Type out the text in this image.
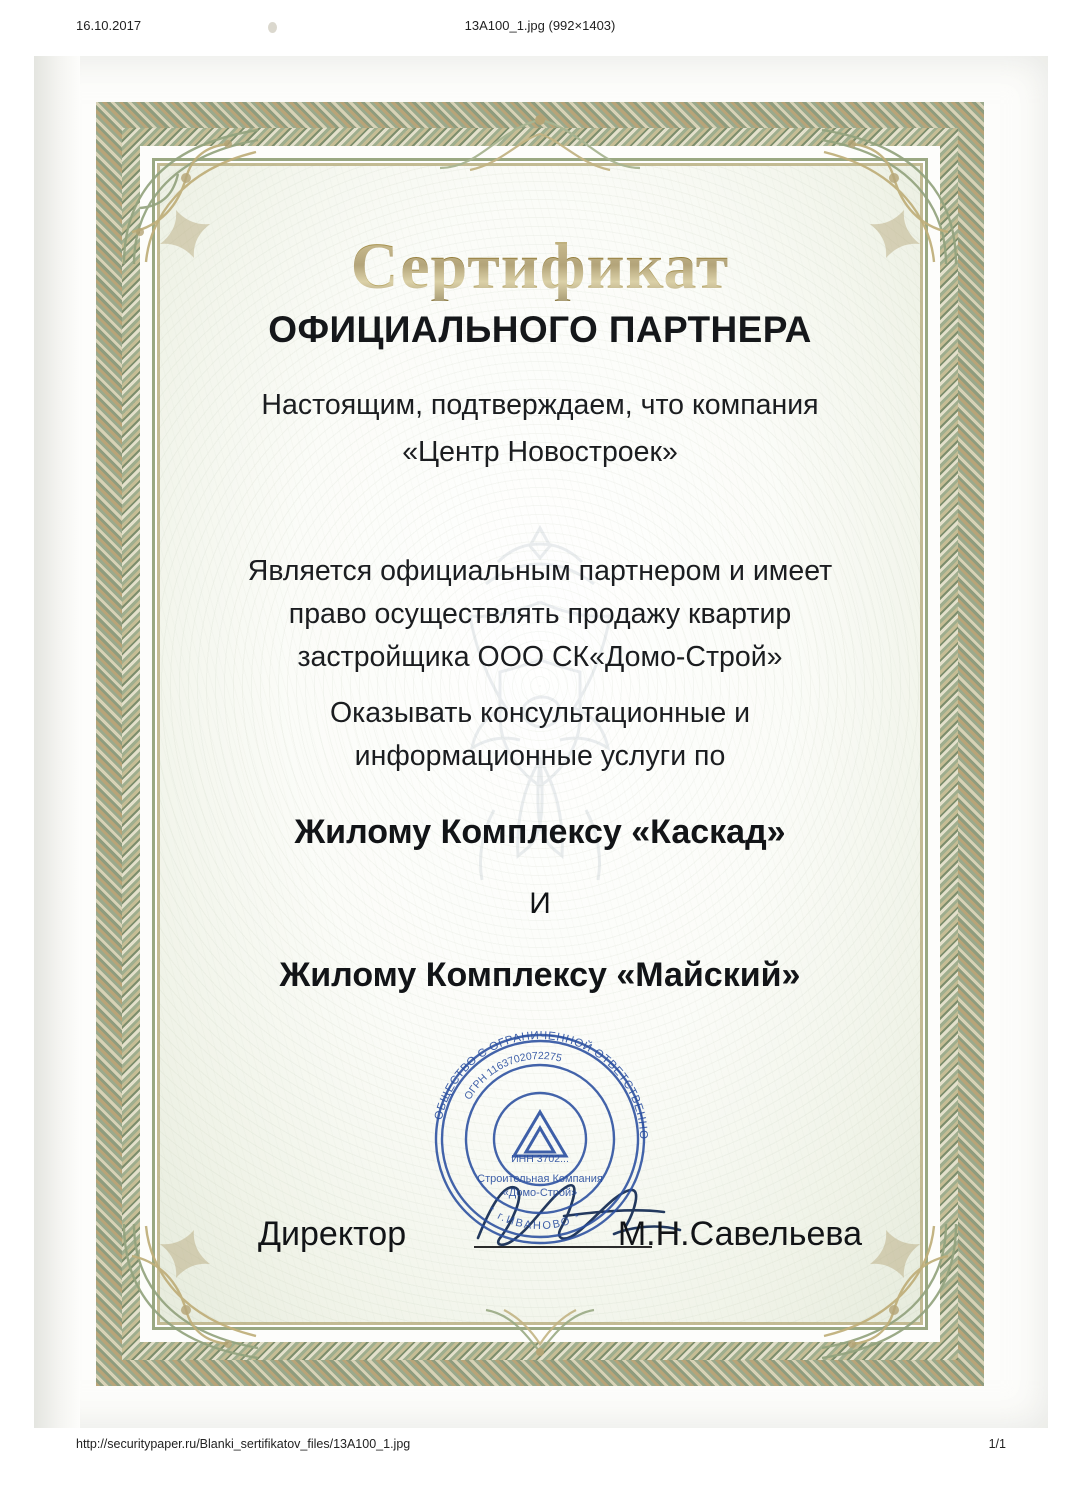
16.10.2017	13A100_1.jpg (992×1403)
Сертификат
ОФИЦИАЛЬНОГО ПАРТНЕРА

Настоящим, подтверждаем, что компания

«Центр Новостроек»

Является официальным партнером и имеет

право осуществлять продажу квартир

застройщика ООО СК«Домо-Строй»

Оказывать консультационные и

информационные услуги по

Жилому Комплексу «Каскад»

И

Жилому Комплексу «Майский»

Директор
ОБЩЕСТВО С ОГРАНИЧЕННОЙ ОТВЕТСТВЕННО
* г.ИВАНОВО *
ОГРН 1163702072275
ИНН 3702...
Строительная Компания
«Домо-Строй»
М.Н.Савельева
http://securitypaper.ru/Blanki_sertifikatov_files/13A100_1.jpg	1/1
